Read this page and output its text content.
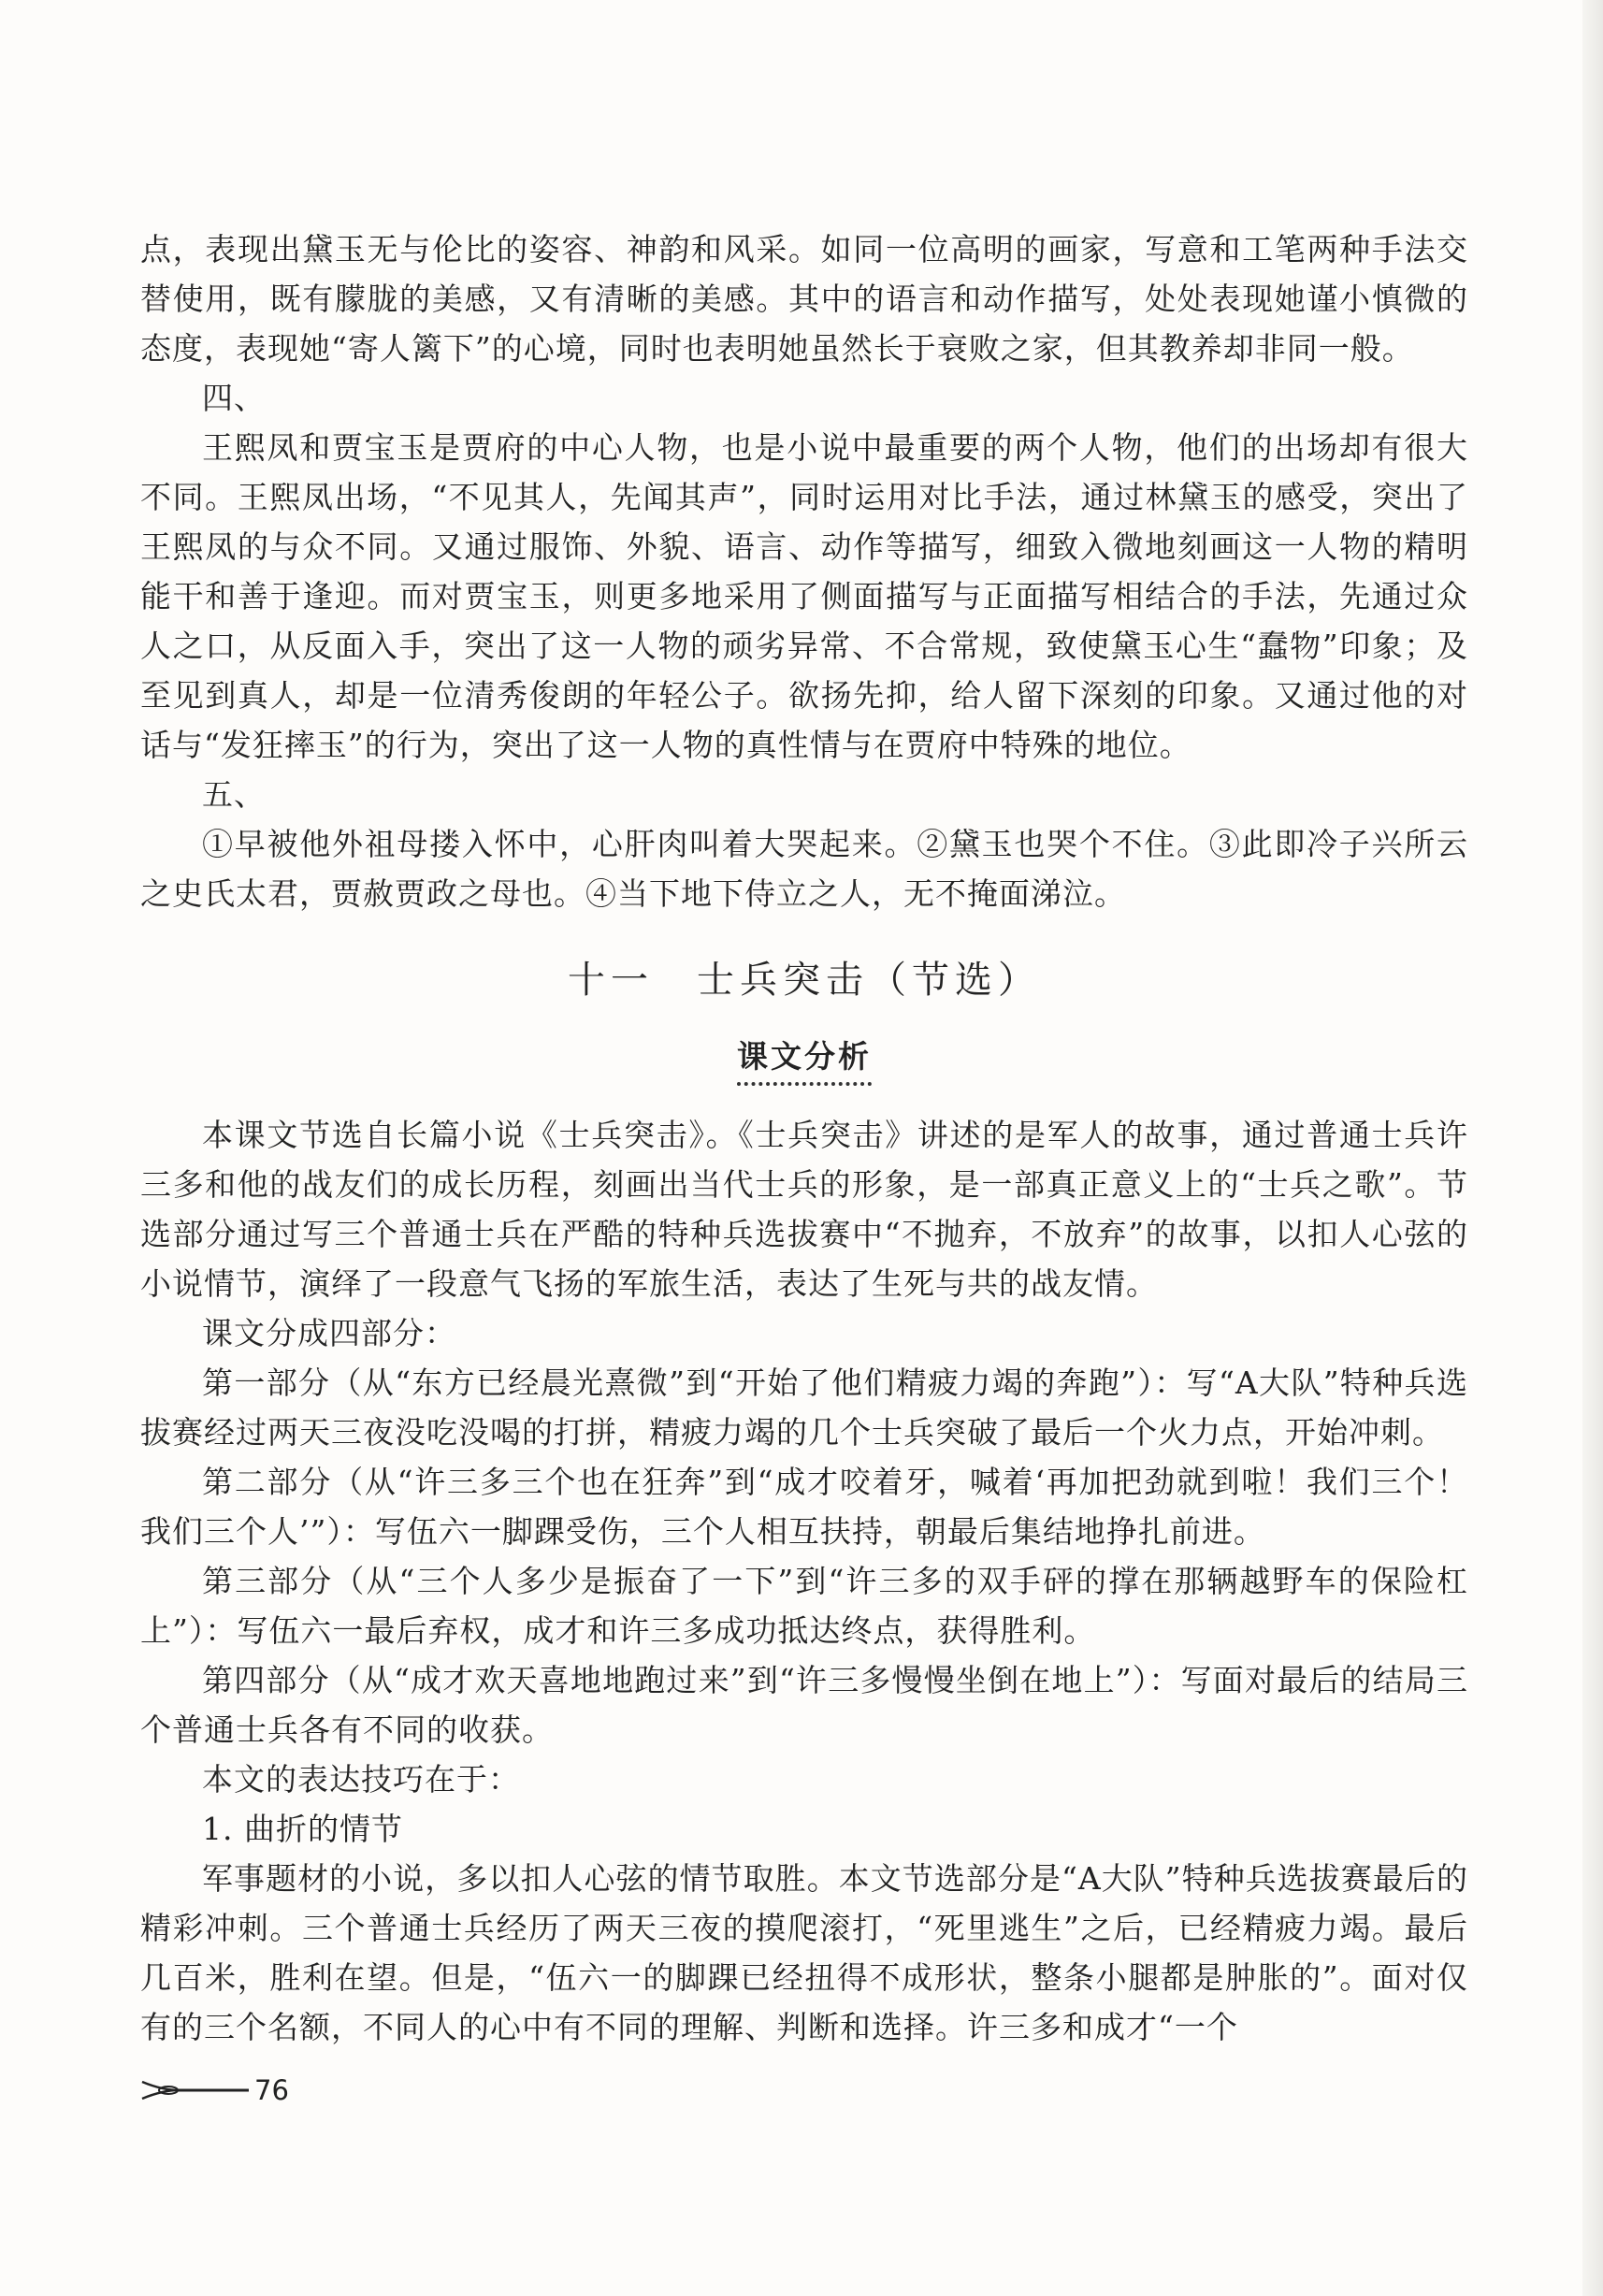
点，表现出黛玉无与伦比的姿容、神韵和风采。如同一位高明的画家，写意和工笔两种手法交替使用，既有朦胧的美感，又有清晰的美感。其中的语言和动作描写，处处表现她谨小慎微的态度，表现她“寄人篱下”的心境，同时也表明她虽然长于衰败之家，但其教养却非同一般。

四、

王熙凤和贾宝玉是贾府的中心人物，也是小说中最重要的两个人物，他们的出场却有很大不同。王熙凤出场，“不见其人，先闻其声”，同时运用对比手法，通过林黛玉的感受，突出了王熙凤的与众不同。又通过服饰、外貌、语言、动作等描写，细致入微地刻画这一人物的精明能干和善于逢迎。而对贾宝玉，则更多地采用了侧面描写与正面描写相结合的手法，先通过众人之口，从反面入手，突出了这一人物的顽劣异常、不合常规，致使黛玉心生“蠢物”印象；及至见到真人，却是一位清秀俊朗的年轻公子。欲扬先抑，给人留下深刻的印象。又通过他的对话与“发狂摔玉”的行为，突出了这一人物的真性情与在贾府中特殊的地位。

五、

①早被他外祖母搂入怀中，心肝肉叫着大哭起来。②黛玉也哭个不住。③此即冷子兴所云之史氏太君，贾赦贾政之母也。④当下地下侍立之人，无不掩面涕泣。

十一　士兵突击（节选）
课文分析

本课文节选自长篇小说《士兵突击》。《士兵突击》讲述的是军人的故事，通过普通士兵许三多和他的战友们的成长历程，刻画出当代士兵的形象，是一部真正意义上的“士兵之歌”。节选部分通过写三个普通士兵在严酷的特种兵选拔赛中“不抛弃，不放弃”的故事，以扣人心弦的小说情节，演绎了一段意气飞扬的军旅生活，表达了生死与共的战友情。

课文分成四部分：

第一部分（从“东方已经晨光熹微”到“开始了他们精疲力竭的奔跑”）：写“A大队”特种兵选拔赛经过两天三夜没吃没喝的打拼，精疲力竭的几个士兵突破了最后一个火力点，开始冲刺。

第二部分（从“许三多三个也在狂奔”到“成才咬着牙，喊着‘再加把劲就到啦！我们三个！我们三个人’”）：写伍六一脚踝受伤，三个人相互扶持，朝最后集结地挣扎前进。

第三部分（从“三个人多少是振奋了一下”到“许三多的双手砰的撑在那辆越野车的保险杠上”）：写伍六一最后弃权，成才和许三多成功抵达终点，获得胜利。

第四部分（从“成才欢天喜地地跑过来”到“许三多慢慢坐倒在地上”）：写面对最后的结局三个普通士兵各有不同的收获。

本文的表达技巧在于：

1. 曲折的情节

军事题材的小说，多以扣人心弦的情节取胜。本文节选部分是“A大队”特种兵选拔赛最后的精彩冲刺。三个普通士兵经历了两天三夜的摸爬滚打，“死里逃生”之后，已经精疲力竭。最后几百米，胜利在望。但是，“伍六一的脚踝已经扭得不成形状，整条小腿都是肿胀的”。面对仅有的三个名额，不同人的心中有不同的理解、判断和选择。许三多和成才“一个

76
